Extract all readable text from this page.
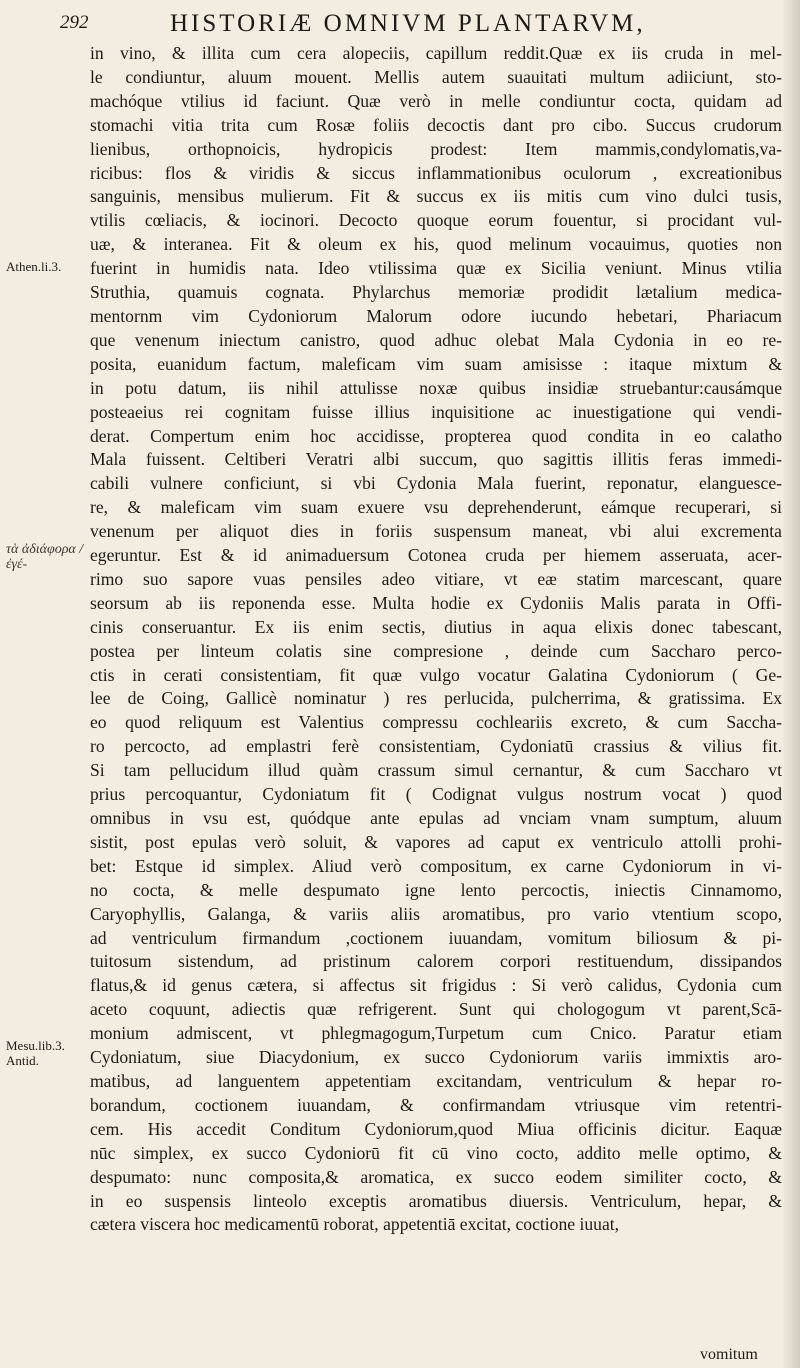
292	HISTORIÆ OMNIVM PLANTARVM,
Athen.li.3.
τὰ ἀδιάφορα / ἐγέ-
Mesu.lib.3. Antid.
in vino, & illita cum cera alopeciis, capillum reddit.Quæ ex iis cruda in mel-
le condiuntur, aluum mouent. Mellis autem suauitati multum adiiciunt, sto-
machóque vtilius id faciunt. Quæ verò in melle condiuntur cocta, quidam ad
stomachi vitia trita cum Rosæ foliis decoctis dant pro cibo. Succus crudorum
lienibus, orthopnoicis, hydropicis prodest: Item mammis,condylomatis,va-
ricibus: flos & viridis & siccus inflammationibus oculorum , excreationibus
sanguinis, mensibus mulierum. Fit & succus ex iis mitis cum vino dulci tusis,
vtilis cœliacis, & iocinori. Decocto quoque eorum fouentur, si procidant vul-
uæ, & interanea. Fit & oleum ex his, quod melinum vocauimus, quoties non
fuerint in humidis nata. Ideo vtilissima quæ ex Sicilia veniunt. Minus vtilia
Struthia, quamuis cognata. Phylarchus memoriæ prodidit lætalium medica-
mentornm vim Cydoniorum Malorum odore iucundo hebetari, Phariacum
que venenum iniectum canistro, quod adhuc olebat Mala Cydonia in eo re-
posita, euanidum factum, maleficam vim suam amisisse : itaque mixtum &
in potu datum, iis nihil attulisse noxæ quibus insidiæ struebantur:causámque
posteaeius rei cognitam fuisse illius inquisitione ac inuestigatione qui vendi-
derat. Compertum enim hoc accidisse, propterea quod condita in eo calatho
Mala fuissent. Celtiberi Veratri albi succum, quo sagittis illitis feras immedi-
cabili vulnere conficiunt, si vbi Cydonia Mala fuerint, reponatur, elanguesce-
re, & maleficam vim suam exuere vsu deprehenderunt, eámque recuperari, si
venenum per aliquot dies in foriis suspensum maneat, vbi alui excrementa
egeruntur. Est & id animaduersum Cotonea cruda per hiemem asseruata, acer-
rimo suo sapore vuas pensiles adeo vitiare, vt eæ statim marcescant, quare
seorsum ab iis reponenda esse. Multa hodie ex Cydoniis Malis parata in Offi-
cinis conseruantur. Ex iis enim sectis, diutius in aqua elixis donec tabescant,
postea per linteum colatis sine compresione , deinde cum Saccharo perco-
ctis in cerati consistentiam, fit quæ vulgo vocatur Galatina Cydoniorum ( Ge-
lee de Coing, Gallicè nominatur ) res perlucida, pulcherrima, & gratissima. Ex
eo quod reliquum est Valentius compressu cochleariis excreto, & cum Saccha-
ro percocto, ad emplastri ferè consistentiam, Cydoniatū crassius & vilius fit.
Si tam pellucidum illud quàm crassum simul cernantur, & cum Saccharo vt
prius percoquantur, Cydoniatum fit ( Codignat vulgus nostrum vocat ) quod
omnibus in vsu est, quódque ante epulas ad vnciam vnam sumptum, aluum
sistit, post epulas verò soluit, & vapores ad caput ex ventriculo attolli prohi-
bet: Estque id simplex. Aliud verò compositum, ex carne Cydoniorum in vi-
no cocta, & melle despumato igne lento percoctis, iniectis Cinnamomo,
Caryophyllis, Galanga, & variis aliis aromatibus, pro vario vtentium scopo,
ad ventriculum firmandum ,coctionem iuuandam, vomitum biliosum & pi-
tuitosum sistendum, ad pristinum calorem corpori restituendum, dissipandos
flatus,& id genus cætera, si affectus sit frigidus : Si verò calidus, Cydonia cum
aceto coquunt, adiectis quæ refrigerent. Sunt qui chologogum vt parent,Scā-
monium admiscent, vt phlegmagogum,Turpetum cum Cnico. Paratur etiam
Cydoniatum, siue Diacydonium, ex succo Cydoniorum variis immixtis aro-
matibus, ad languentem appetentiam excitandam, ventriculum & hepar ro-
borandum, coctionem iuuandam, & confirmandam vtriusque vim retentri-
cem. His accedit Conditum Cydoniorum,quod Miua officinis dicitur. Eaquæ
nūc simplex, ex succo Cydoniorū fit cū vino cocto, addito melle optimo, &
despumato: nunc composita,& aromatica, ex succo eodem similiter cocto, &
in eo suspensis linteolo exceptis aromatibus diuersis. Ventriculum, hepar, &
cætera viscera hoc medicamentū roborat, appetentiā excitat, coctione iuuat,
vomitum
